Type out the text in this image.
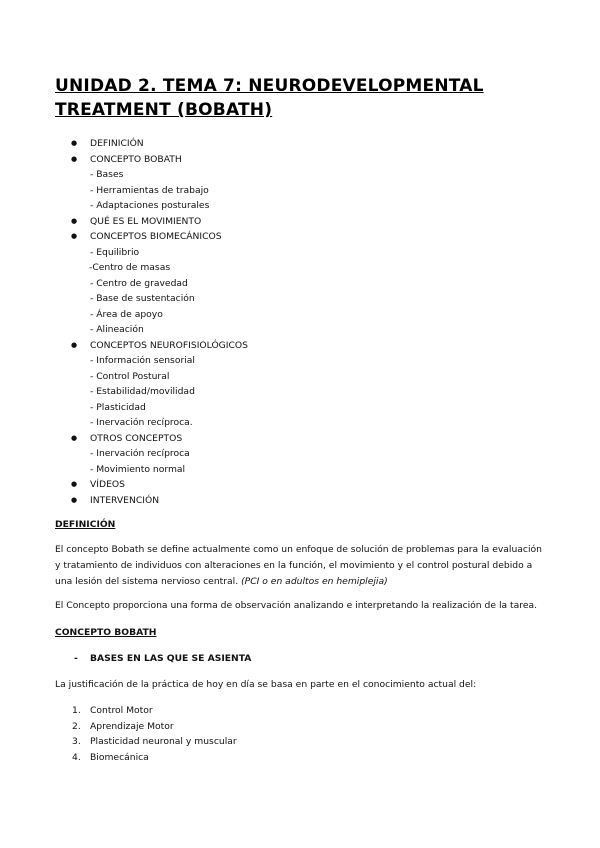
UNIDAD 2. TEMA 7: NEURODEVELOPMENTAL TREATMENT (BOBATH)
● DEFINICIÓN
● CONCEPTO BOBATH
- Bases
- Herramientas de trabajo
- Adaptaciones posturales
● QUÉ ES EL MOVIMIENTO
● CONCEPTOS BIOMECÁNICOS
- Equilibrio
-Centro de masas
- Centro de gravedad
- Base de sustentación
- Área de apoyo
- Alineación
● CONCEPTOS NEUROFISIOLÓGICOS
- Información sensorial
- Control Postural
- Estabilidad/movilidad
- Plasticidad
- Inervación recíproca.
● OTROS CONCEPTOS
- Inervación recíproca
- Movimiento normal
● VÍDEOS
● INTERVENCIÓN

DEFINICIÓN

El concepto Bobath se define actualmente como un enfoque de solución de problemas para la evaluación y tratamiento de individuos con alteraciones en la función, el movimiento y el control postural debido a una lesión del sistema nervioso central. (PCI o en adultos en hemiplejia)

El Concepto proporciona una forma de observación analizando e interpretando la realización de la tarea.

CONCEPTO BOBATH

- BASES EN LAS QUE SE ASIENTA

La justificación de la práctica de hoy en día se basa en parte en el conocimiento actual del:

1. Control Motor
2. Aprendizaje Motor
3. Plasticidad neuronal y muscular
4. Biomecánica
